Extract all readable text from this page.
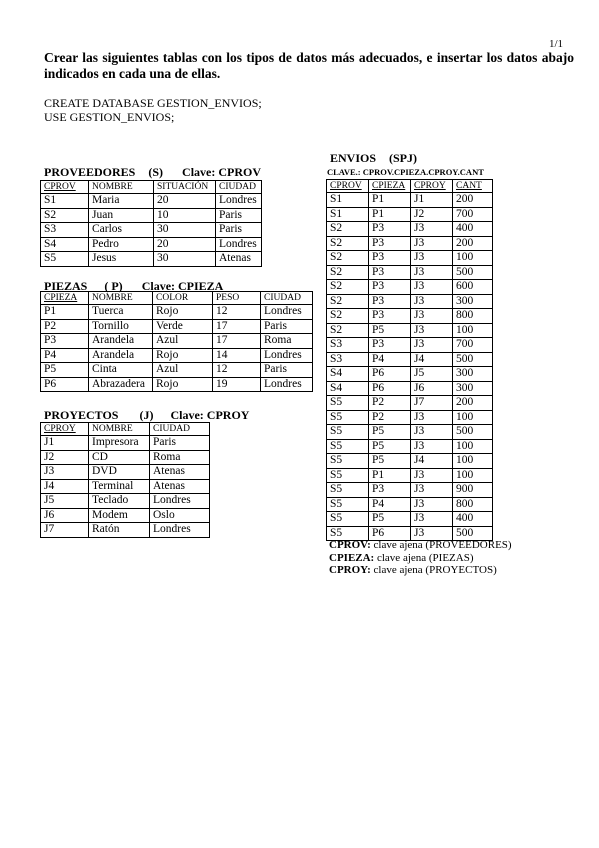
1/1
Crear las siguientes tablas con los tipos de datos más adecuados, e insertar los datos abajo indicados en cada una de ellas.
CREATE DATABASE GESTION_ENVIOS;
USE GESTION_ENVIOS;
PROVEEDORES (S) Clave: CPROV
CPROV	NOMBRE	SITUACIÓN	CIUDAD
S1	Maria	20	Londres
S2	Juan	10	Paris
S3	Carlos	30	Paris
S4	Pedro	20	Londres
S5	Jesus	30	Atenas
PIEZAS ( P) Clave: CPIEZA
CPIEZA	NOMBRE	COLOR	PESO	CIUDAD
P1	Tuerca	Rojo	12	Londres
P2	Tornillo	Verde	17	Paris
P3	Arandela	Azul	17	Roma
P4	Arandela	Rojo	14	Londres
P5	Cinta	Azul	12	Paris
P6	Abrazadera	Rojo	19	Londres
PROYECTOS (J) Clave: CPROY
CPROY	NOMBRE	CIUDAD
J1	Impresora	Paris
J2	CD	Roma
J3	DVD	Atenas
J4	Terminal	Atenas
J5	Teclado	Londres
J6	Modem	Oslo
J7	Ratón	Londres
ENVIOS (SPJ)
CLAVE.: CPROV.CPIEZA.CPROY.CANT
CPROV	CPIEZA	CPROY	CANT
S1	P1	J1	200
S1	P1	J2	700
S2	P3	J3	400
S2	P3	J3	200
S2	P3	J3	100
S2	P3	J3	500
S2	P3	J3	600
S2	P3	J3	300
S2	P3	J3	800
S2	P5	J3	100
S3	P3	J3	700
S3	P4	J4	500
S4	P6	J5	300
S4	P6	J6	300
S5	P2	J7	200
S5	P2	J3	100
S5	P5	J3	500
S5	P5	J3	100
S5	P5	J4	100
S5	P1	J3	100
S5	P3	J3	900
S5	P4	J3	800
S5	P5	J3	400
S5	P6	J3	500
CPROV: clave ajena (PROVEEDORES)
CPIEZA: clave ajena (PIEZAS)
CPROY: clave ajena (PROYECTOS)
